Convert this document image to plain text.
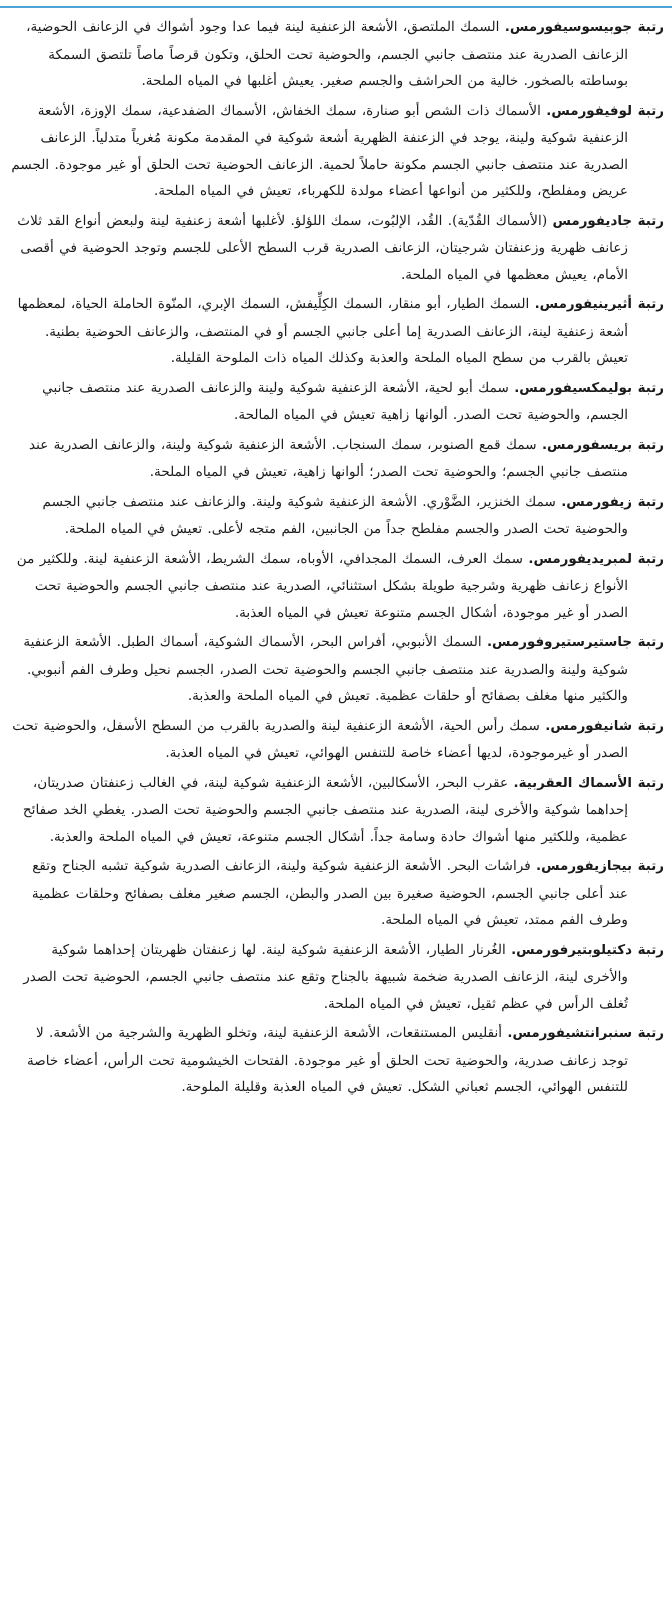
رتبة جوبيسوسيفورمس. السمك الملتصق، الأشعة الزعنفية لينة فيما عدا وجود أشواك في الزعانف الحوضية، الزعانف الصدرية عند منتصف جانبي الجسم، والحوضية تحت الحلق، وتكون قرصاً ماصاً تلتصق السمكة بوساطته بالصخور. خالية من الحراشف والجسم صغير. يعيش أغلبها في المياه الملحة.

رتبة لوفيفورمس. الأسماك ذات الشص أبو صنارة، سمك الخفاش، الأسماك الضفدعية، سمك الإوزة، الأشعة الزعنفية شوكية ولينة، يوجد في الزعنفة الظهرية أشعة شوكية في المقدمة مكونة مُغرياً متدلياً. الزعانف الصدرية عند منتصف جانبي الجسم مكونة حاملاً لحمية. الزعانف الحوضية تحت الحلق أو غير موجودة. الجسم عريض ومفلطح، وللكثير من أنواعها أعضاء مولدة للكهرباء، تعيش في المياه الملحة.

رتبة جاديفورمس (الأسماك القُدّية). القُد، الإلبُوت، سمك اللؤلؤ. لأغلبها أشعة زعنفية لينة ولبعض أنواع القد ثلاث زعانف ظهرية وزعنفتان شرجيتان، الزعانف الصدرية قرب السطح الأعلى للجسم وتوجد الحوضية في أقصى الأمام، يعيش معظمها في المياه الملحة.

رتبة أثيرينيفورمس. السمك الطيار، أبو منقار، السمك الكِلِّيفش، السمك الإبري، المنّوة الحاملة الحياة، لمعظمها أشعة زعنفية لينة، الزعانف الصدرية إما أعلى جانبي الجسم أو في المنتصف، والزعانف الحوضية بطنية. تعيش بالقرب من سطح المياه الملحة والعذبة وكذلك المياه ذات الملوحة القليلة.

رتبة بوليمكسيفورمس. سمك أبو لحية، الأشعة الزعنفية شوكية ولينة والزعانف الصدرية عند منتصف جانبي الجسم، والحوضية تحت الصدر. ألوانها زاهية تعيش في المياه المالحة.

رتبة بريسفورمس. سمك قمع الصنوبر، سمك السنجاب. الأشعة الزعنفية شوكية ولينة، والزعانف الصدرية عند منتصف جانبي الجسم؛ والحوضية تحت الصدر؛ ألوانها زاهية، تعيش في المياه الملحة.

رتبة زيفورمس. سمك الخنزير، الضَّوْري. الأشعة الزعنفية شوكية ولينة. والزعانف عند منتصف جانبي الجسم والحوضية تحت الصدر والجسم مفلطح جداً من الجانبين، الفم متجه لأعلى. تعيش في المياه الملحة.

رتبة لمبريديفورمس. سمك العرف، السمك المجدافي، الأوباه، سمك الشريط، الأشعة الزعنفية لينة. وللكثير من الأنواع زعانف ظهرية وشرجية طويلة بشكل استثنائي، الصدرية عند منتصف جانبي الجسم والحوضية تحت الصدر أو غير موجودة، أشكال الجسم متنوعة تعيش في المياه العذبة.

رتبة جاستيرستيروفورمس. السمك الأنبوبي، أفراس البحر، الأسماك الشوكية، أسماك الطبل. الأشعة الزعنفية شوكية ولينة والصدرية عند منتصف جانبي الجسم والحوضية تحت الصدر، الجسم نحيل وطرف الفم أنبوبي. والكثير منها مغلف بصفائح أو حلقات عظمية. تعيش في المياه الملحة والعذبة.

رتبة شانيفورمس. سمك رأس الحية، الأشعة الزعنفية لينة والصدرية بالقرب من السطح الأسفل، والحوضية تحت الصدر أو غيرموجودة، لديها أعضاء خاصة للتنفس الهوائي، تعيش في المياه العذبة.

رتبة الأسماك العقربية. عقرب البحر، الأسكالبين، الأشعة الزعنفية شوكية لينة، في الغالب زعنفتان صدريتان، إحداهما شوكية والأخرى لينة، الصدرية عند منتصف جانبي الجسم والحوضية تحت الصدر. يغطي الخد صفائح عظمية، وللكثير منها أشواك حادة وسامة جداً. أشكال الجسم متنوعة، تعيش في المياه الملحة والعذبة.

رتبة بيجازيفورمس. فراشات البحر. الأشعة الزعنفية شوكية ولينة، الزعانف الصدرية شوكية تشبه الجناح وتقع عند أعلى جانبي الجسم، الحوضية صغيرة بين الصدر والبطن، الجسم صغير مغلف بصفائح وحلقات عظمية وطرف الفم ممتد، تعيش في المياه الملحة.

رتبة دكتيلوبتيرفورمس. الغُرنار الطيار، الأشعة الزعنفية شوكية لينة. لها زعنفتان ظهريتان إحداهما شوكية والأخرى لينة، الزعانف الصدرية ضخمة شبيهة بالجناح وتقع عند منتصف جانبي الجسم، الحوضية تحت الصدر تُغلف الرأس في عظم ثقيل، تعيش في المياه الملحة.

رتبة سنبرانتشيفورمس. أنقليس المستنقعات، الأشعة الزعنفية لينة، وتخلو الظهرية والشرجية من الأشعة. لا توجد زعانف صدرية، والحوضية تحت الحلق أو غير موجودة. الفتحات الخيشومية تحت الرأس، أعضاء خاصة للتنفس الهوائي، الجسم ثعباني الشكل. تعيش في المياه العذبة وقليلة الملوحة.
